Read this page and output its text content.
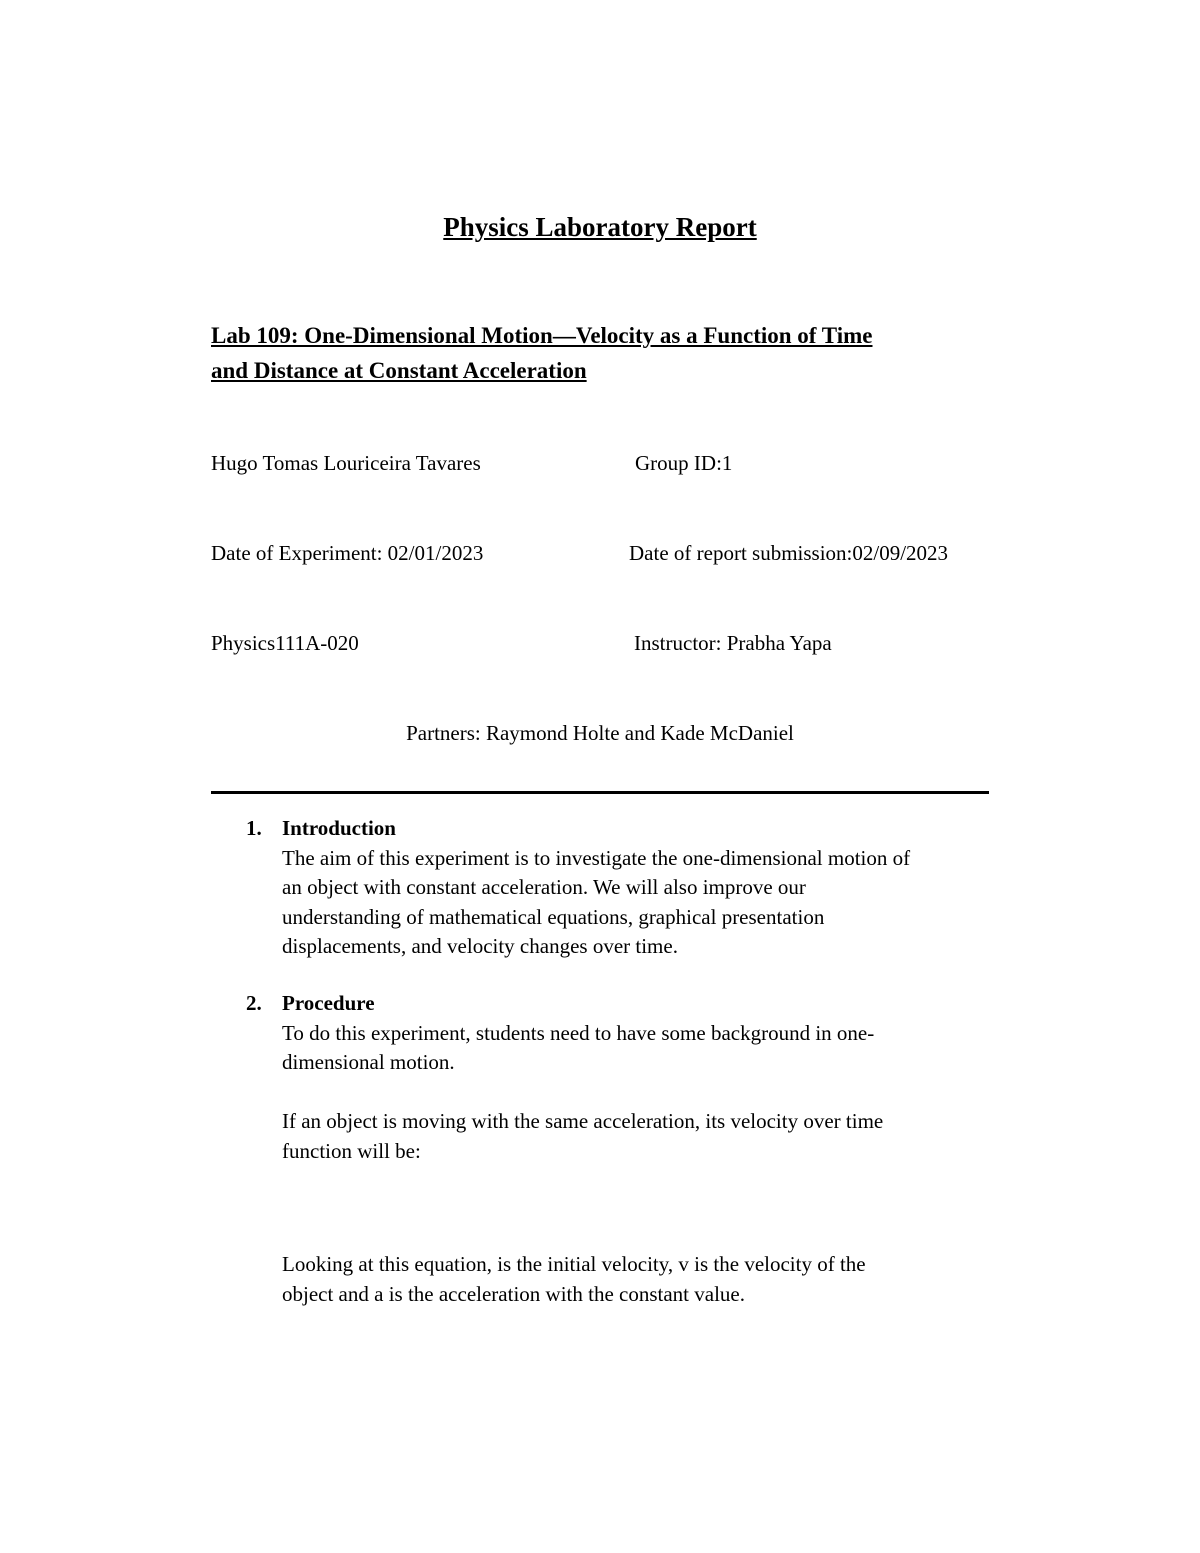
Physics Laboratory Report
Lab 109: One-Dimensional Motion—Velocity as a Function of Time
and Distance at Constant Acceleration
Hugo Tomas Louriceira Tavares	Group ID:1
Date of Experiment: 02/01/2023	Date of report submission:02/09/2023
Physics111A-020	Instructor: Prabha Yapa
Partners: Raymond Holte and Kade McDaniel
1. Introduction
The aim of this experiment is to investigate the one-dimensional motion of
an object with constant acceleration. We will also improve our
understanding of mathematical equations, graphical presentation
displacements, and velocity changes over time.
2. Procedure
To do this experiment, students need to have some background in one-
dimensional motion.
If an object is moving with the same acceleration, its velocity over time
function will be:
Looking at this equation, is the initial velocity, v is the velocity of the
object and a is the acceleration with the constant value.
